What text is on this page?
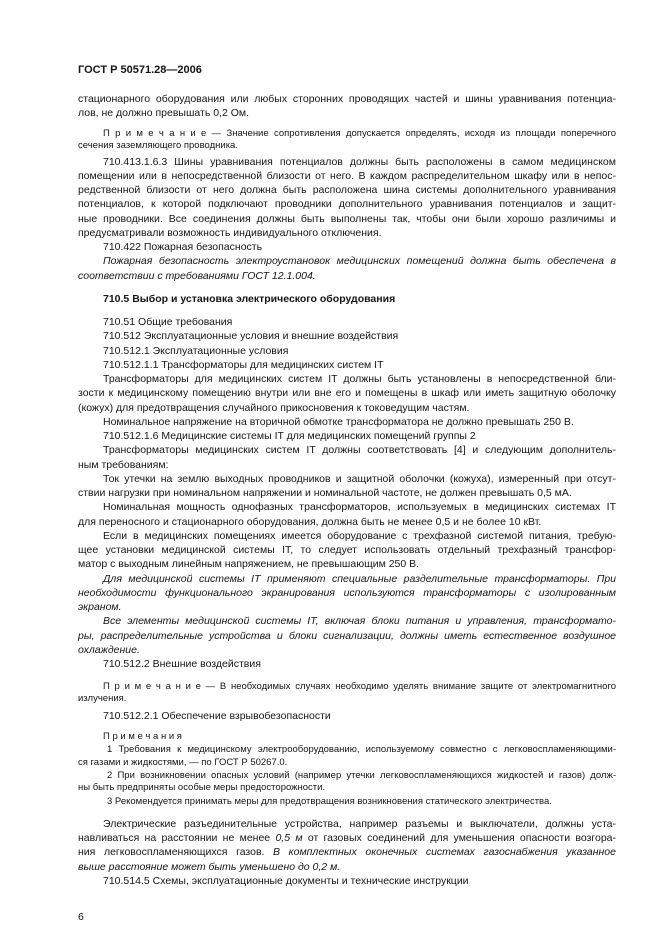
ГОСТ Р 50571.28—2006
стационарного оборудования или любых сторонних проводящих частей и шины уравнивания потенциа-
лов, не должно превышать 0,2 Ом.
П р и м е ч а н и е — Значение сопротивления допускается определять, исходя из площади поперечного
сечения заземляющего проводника.
710.413.1.6.3 Шины уравнивания потенциалов должны быть расположены в самом медицинском
помещении или в непосредственной близости от него. В каждом распределительном шкафу или в непос-
редственной близости от него должна быть расположена шина системы дополнительного уравнивания
потенциалов, к которой подключают проводники дополнительного уравнивания потенциалов и защит-
ные проводники. Все соединения должны быть выполнены так, чтобы они были хорошо различимы и
предусматривали возможность индивидуального отключения.
710.422 Пожарная безопасность
Пожарная безопасность электроустановок медицинских помещений должна быть обеспечена в
соответствии с требованиями ГОСТ 12.1.004.
710.5 Выбор и установка электрического оборудования
710.51 Общие требования
710.512 Эксплуатационные условия и внешние воздействия
710.512.1 Эксплуатационные условия
710.512.1.1 Трансформаторы для медицинских систем IT
Трансформаторы для медицинских систем IT должны быть установлены в непосредственной бли-
зости к медицинскому помещению внутри или вне его и помещены в шкаф или иметь защитную оболочку
(кожух) для предотвращения случайного прикосновения к токоведущим частям.
Номинальное напряжение на вторичной обмотке трансформатора не должно превышать 250 В.
710.512.1.6 Медицинские системы IT для медицинских помещений группы 2
Трансформаторы медицинских систем IT должны соответствовать [4] и следующим дополнитель-
ным требованиям:
Ток утечки на землю выходных проводников и защитной оболочки (кожуха), измеренный при отсут-
ствии нагрузки при номинальном напряжении и номинальной частоте, не должен превышать 0,5 мА.
Номинальная мощность однофазных трансформаторов, используемых в медицинских системах IT
для переносного и стационарного оборудования, должна быть не менее 0,5 и не более 10 кВт.
Если в медицинских помещениях имеется оборудование с трехфазной системой питания, требую-
щее установки медицинской системы IT, то следует использовать отдельный трехфазный трансфор-
матор с выходным линейным напряжением, не превышающим 250 В.
Для медицинской системы IT применяют специальные разделительные трансформаторы. При
необходимости функционального экранирования используются трансформаторы с изолированным
экраном.
Все элементы медицинской системы IT, включая блоки питания и управления, трансформато-
ры, распределительные устройства и блоки сигнализации, должны иметь естественное воздушное
охлаждение.
710.512.2 Внешние воздействия
П р и м е ч а н и е — В необходимых случаях необходимо уделять внимание защите от электромагнитного
излучения.
710.512.2.1 Обеспечение взрывобезопасности
П р и м е ч а н и я
1 Требования к медицинскому электрооборудованию, используемому совместно с легковоспламеняющими-
ся газами и жидкостями, — по ГОСТ Р 50267.0.
2 При возникновении опасных условий (например утечки легковоспламеняющихся жидкостей и газов) долж-
ны быть предприняты особые меры предосторожности.
3 Рекомендуется принимать меры для предотвращения возникновения статического электричества.
Электрические разъединительные устройства, например разъемы и выключатели, должны уста-
навливаться на расстоянии не менее 0,5 м от газовых соединений для уменьшения опасности возгора-
ния легковоспламеняющихся газов. В комплектных оконечных системах газоснабжения указанное
выше расстояние может быть уменьшено до 0,2 м.
710.514.5 Схемы, эксплуатационные документы и технические инструкции
6
